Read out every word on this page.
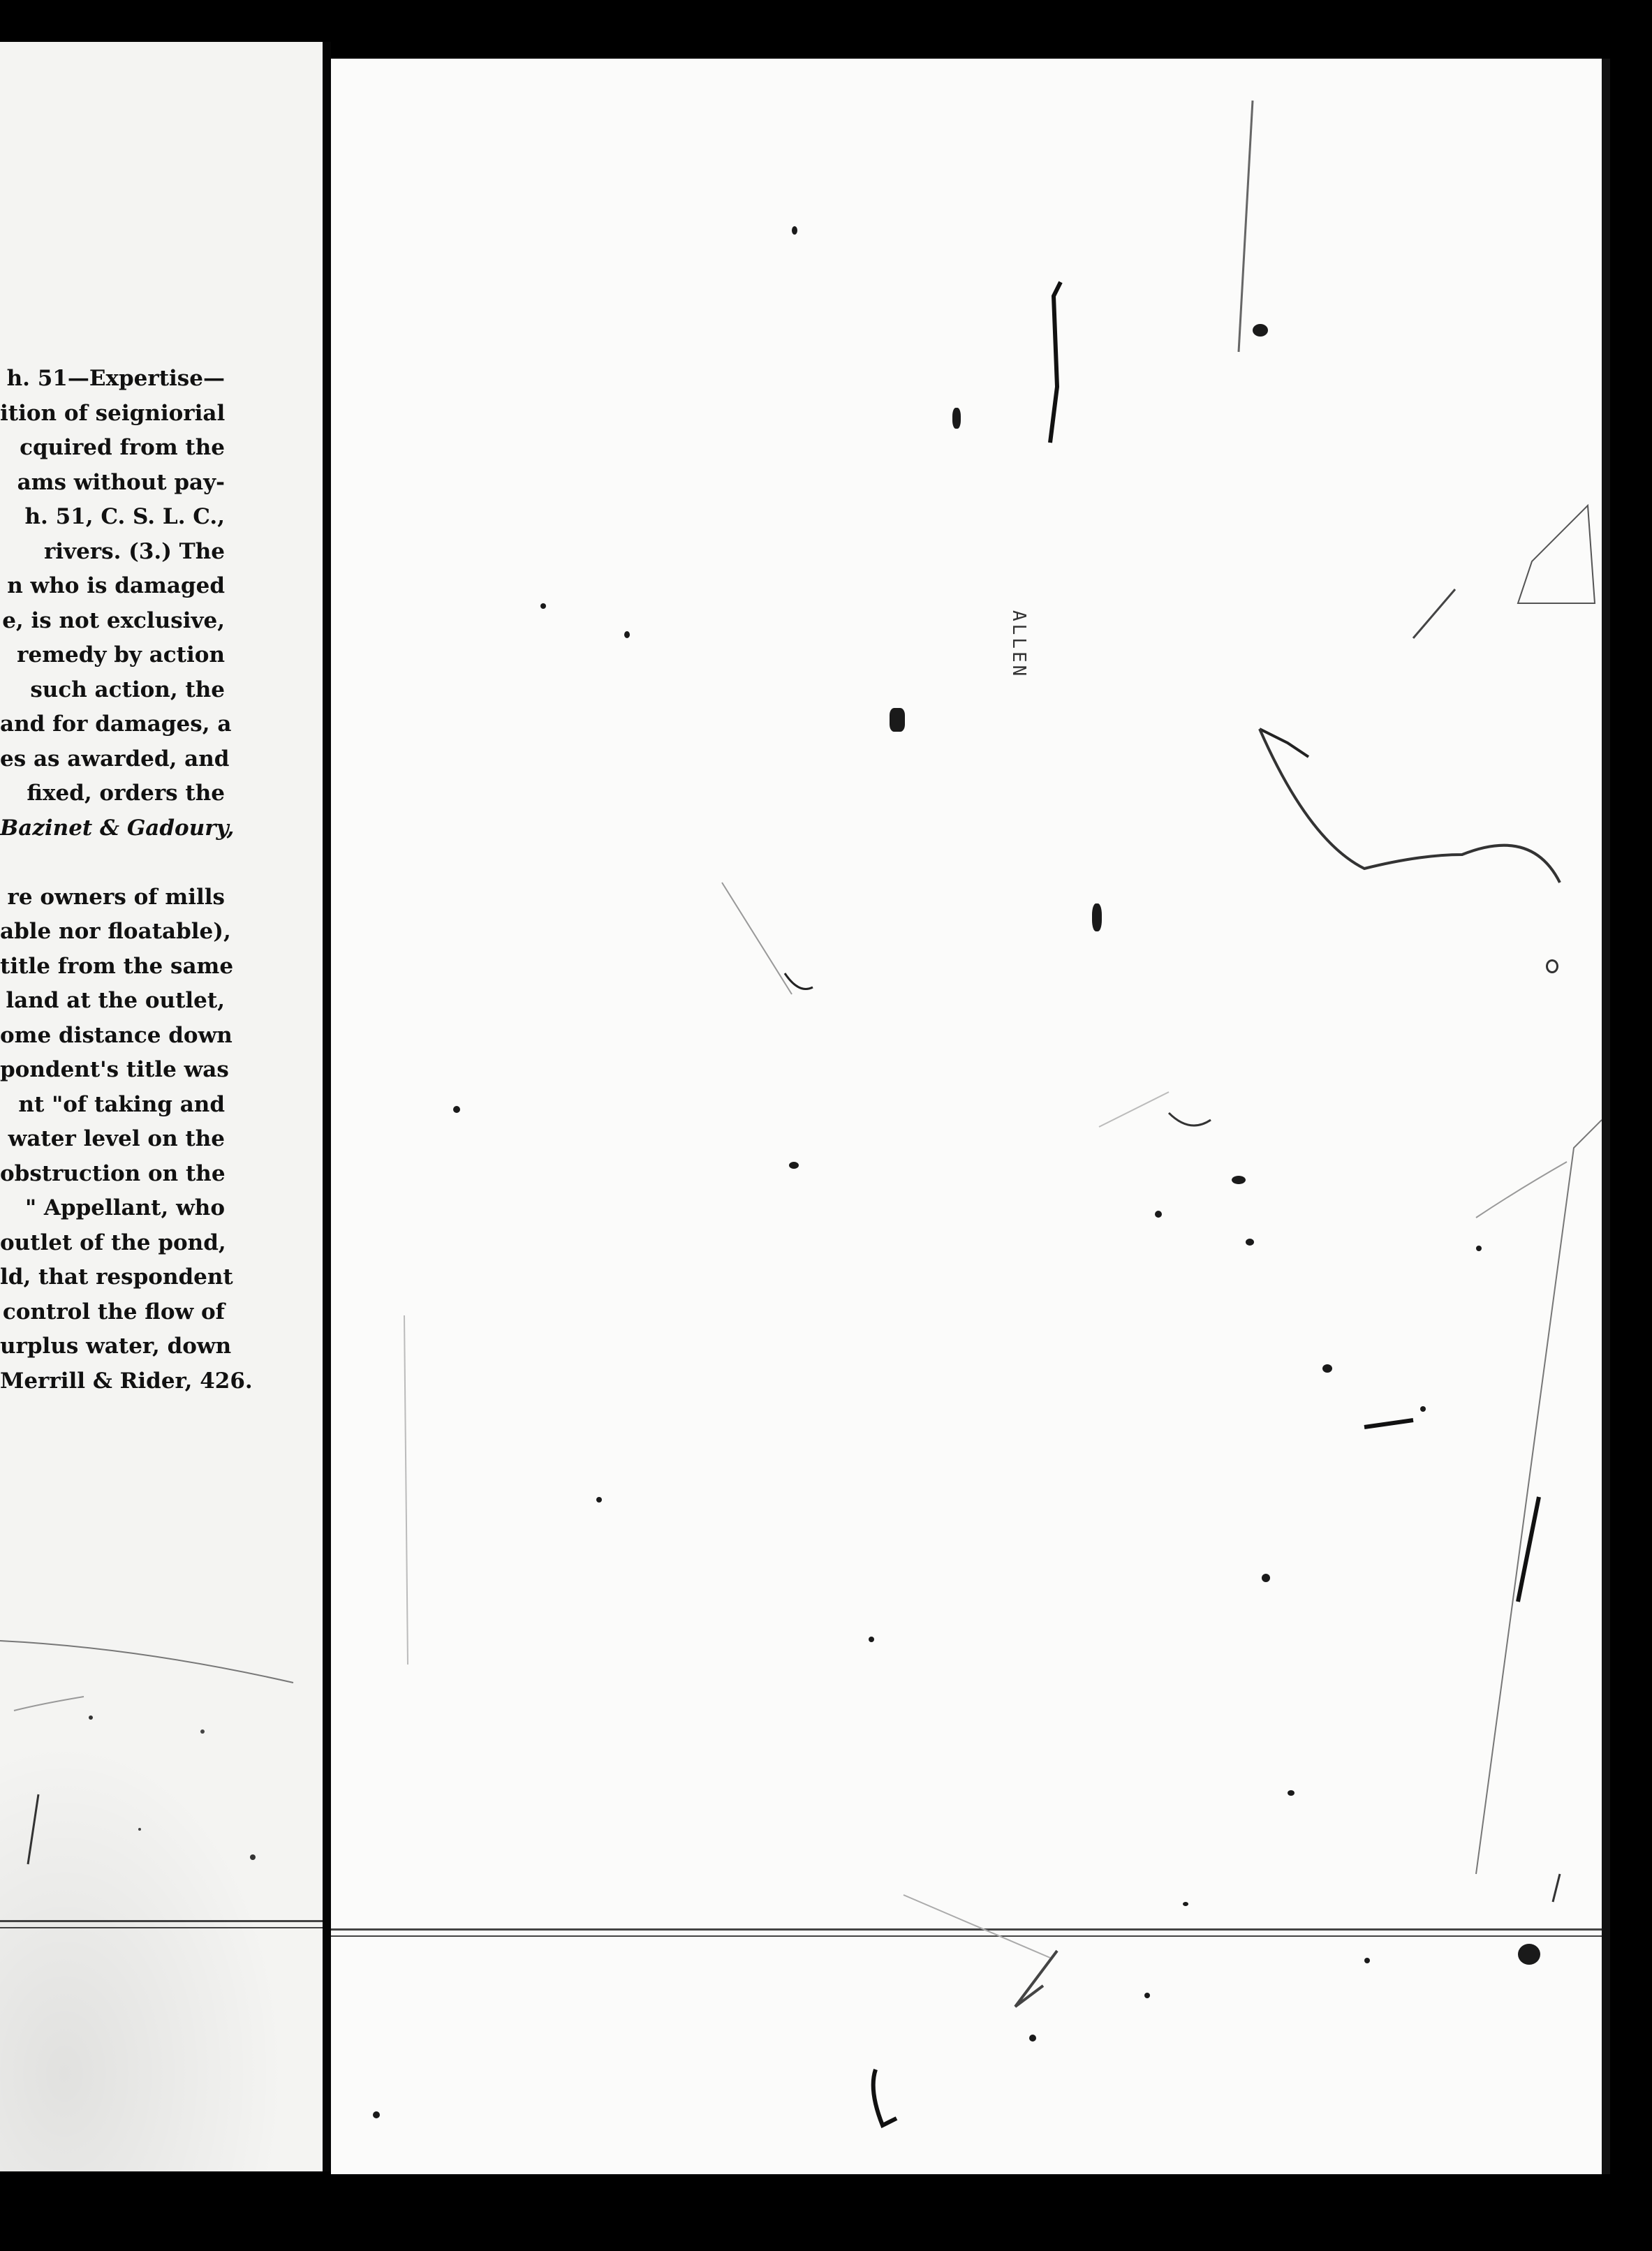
h. 51—Expertise—
ition of seigniorial
cquired from the
ams without pay-
h. 51, C. S. L. C.,
rivers. (3.) The
n who is damaged
e, is not exclusive,
remedy by action
such action, the
and for damages, a
es as awarded, and
fixed, orders the
Bazinet & Gadoury,
re owners of mills
able nor floatable),
title from the same
land at the outlet,
ome distance down
pondent's title was
nt "of taking and
water level on the
obstruction on the
" Appellant, who
outlet of the pond,
ld, that respondent
control the flow of
urplus water, down
Merrill & Rider, 426.
ALLEN
